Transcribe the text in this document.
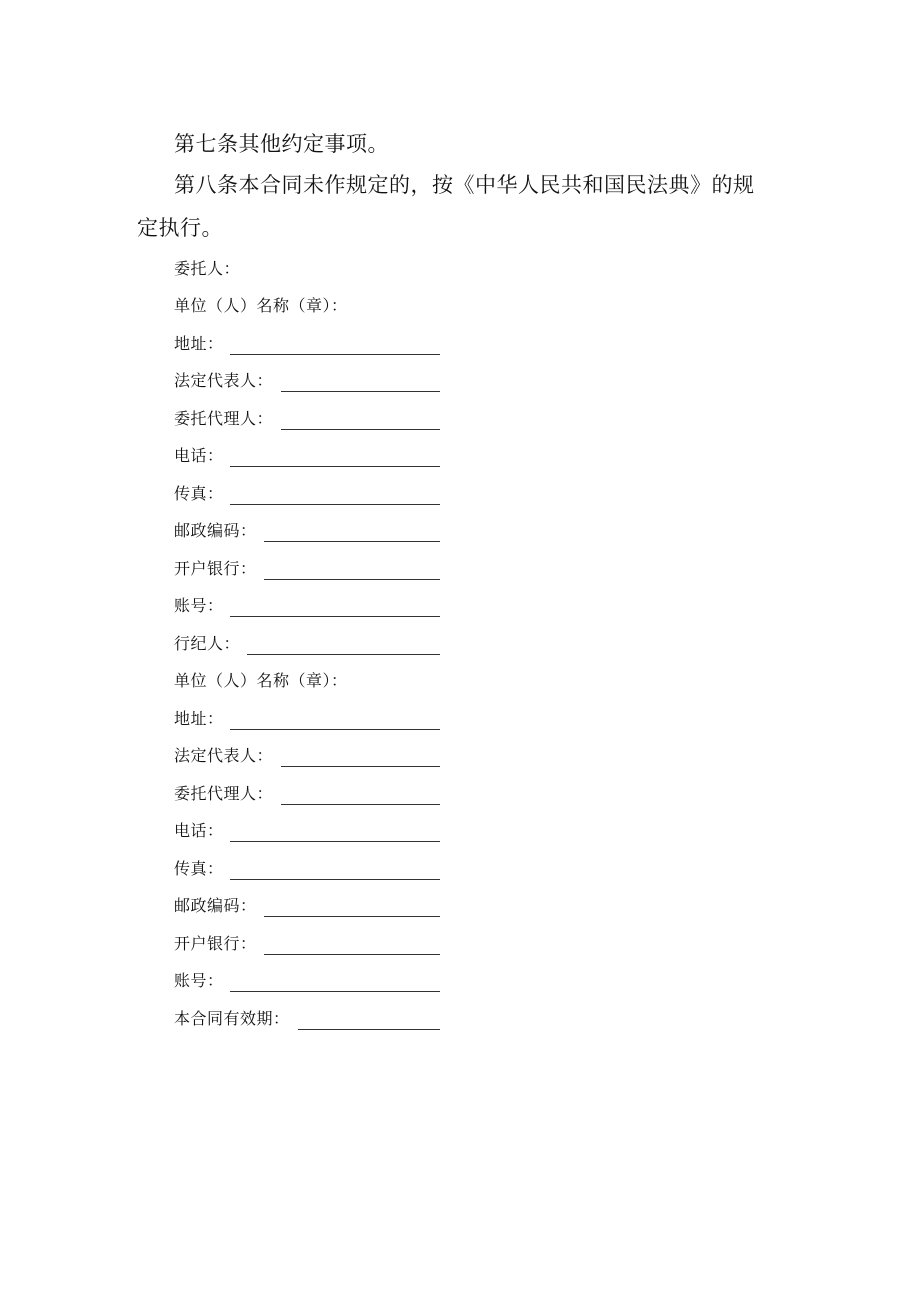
第七条其他约定事项。
第八条本合同未作规定的，按《中华人民共和国民法典》的规
定执行。
委托人：
单位（人）名称（章）：
地址：
法定代表人：
委托代理人：
电话：
传真：
邮政编码：
开户银行：
账号：
行纪人：
单位（人）名称（章）：
地址：
法定代表人：
委托代理人：
电话：
传真：
邮政编码：
开户银行：
账号：
本合同有效期：
